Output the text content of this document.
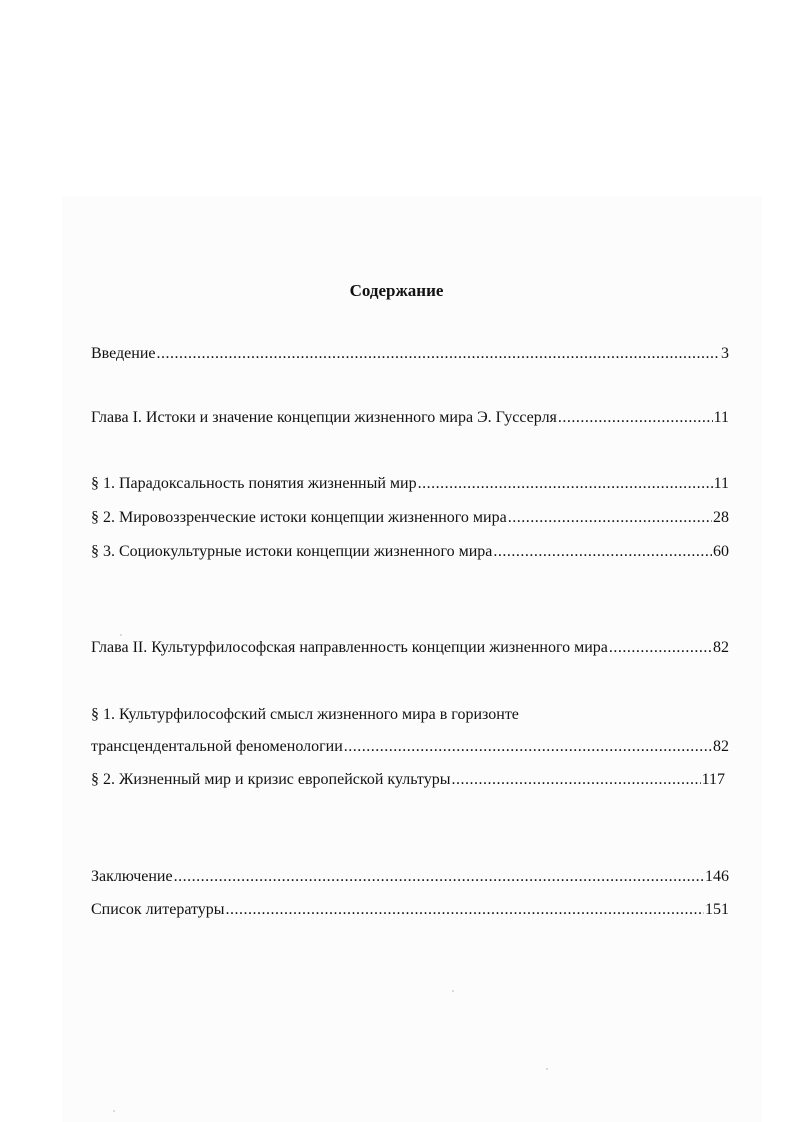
Содержание
Введение .....	3
Глава I. Истоки и значение концепции жизненного мира Э. Гуссерля .....	11
§ 1. Парадоксальность понятия жизненный мир .....	11
§ 2. Мировоззренческие истоки концепции жизненного мира .....	28
§ 3. Социокультурные истоки концепции жизненного мира .....	60
Глава II. Культурфилософская направленность концепции жизненного мира .....	82
§ 1. Культурфилософский смысл жизненного мира в горизонте
трансцендентальной феноменологии .....	82
§ 2. Жизненный мир и кризис европейской культуры .....	117
Заключение .....	146
Список литературы .....	151
